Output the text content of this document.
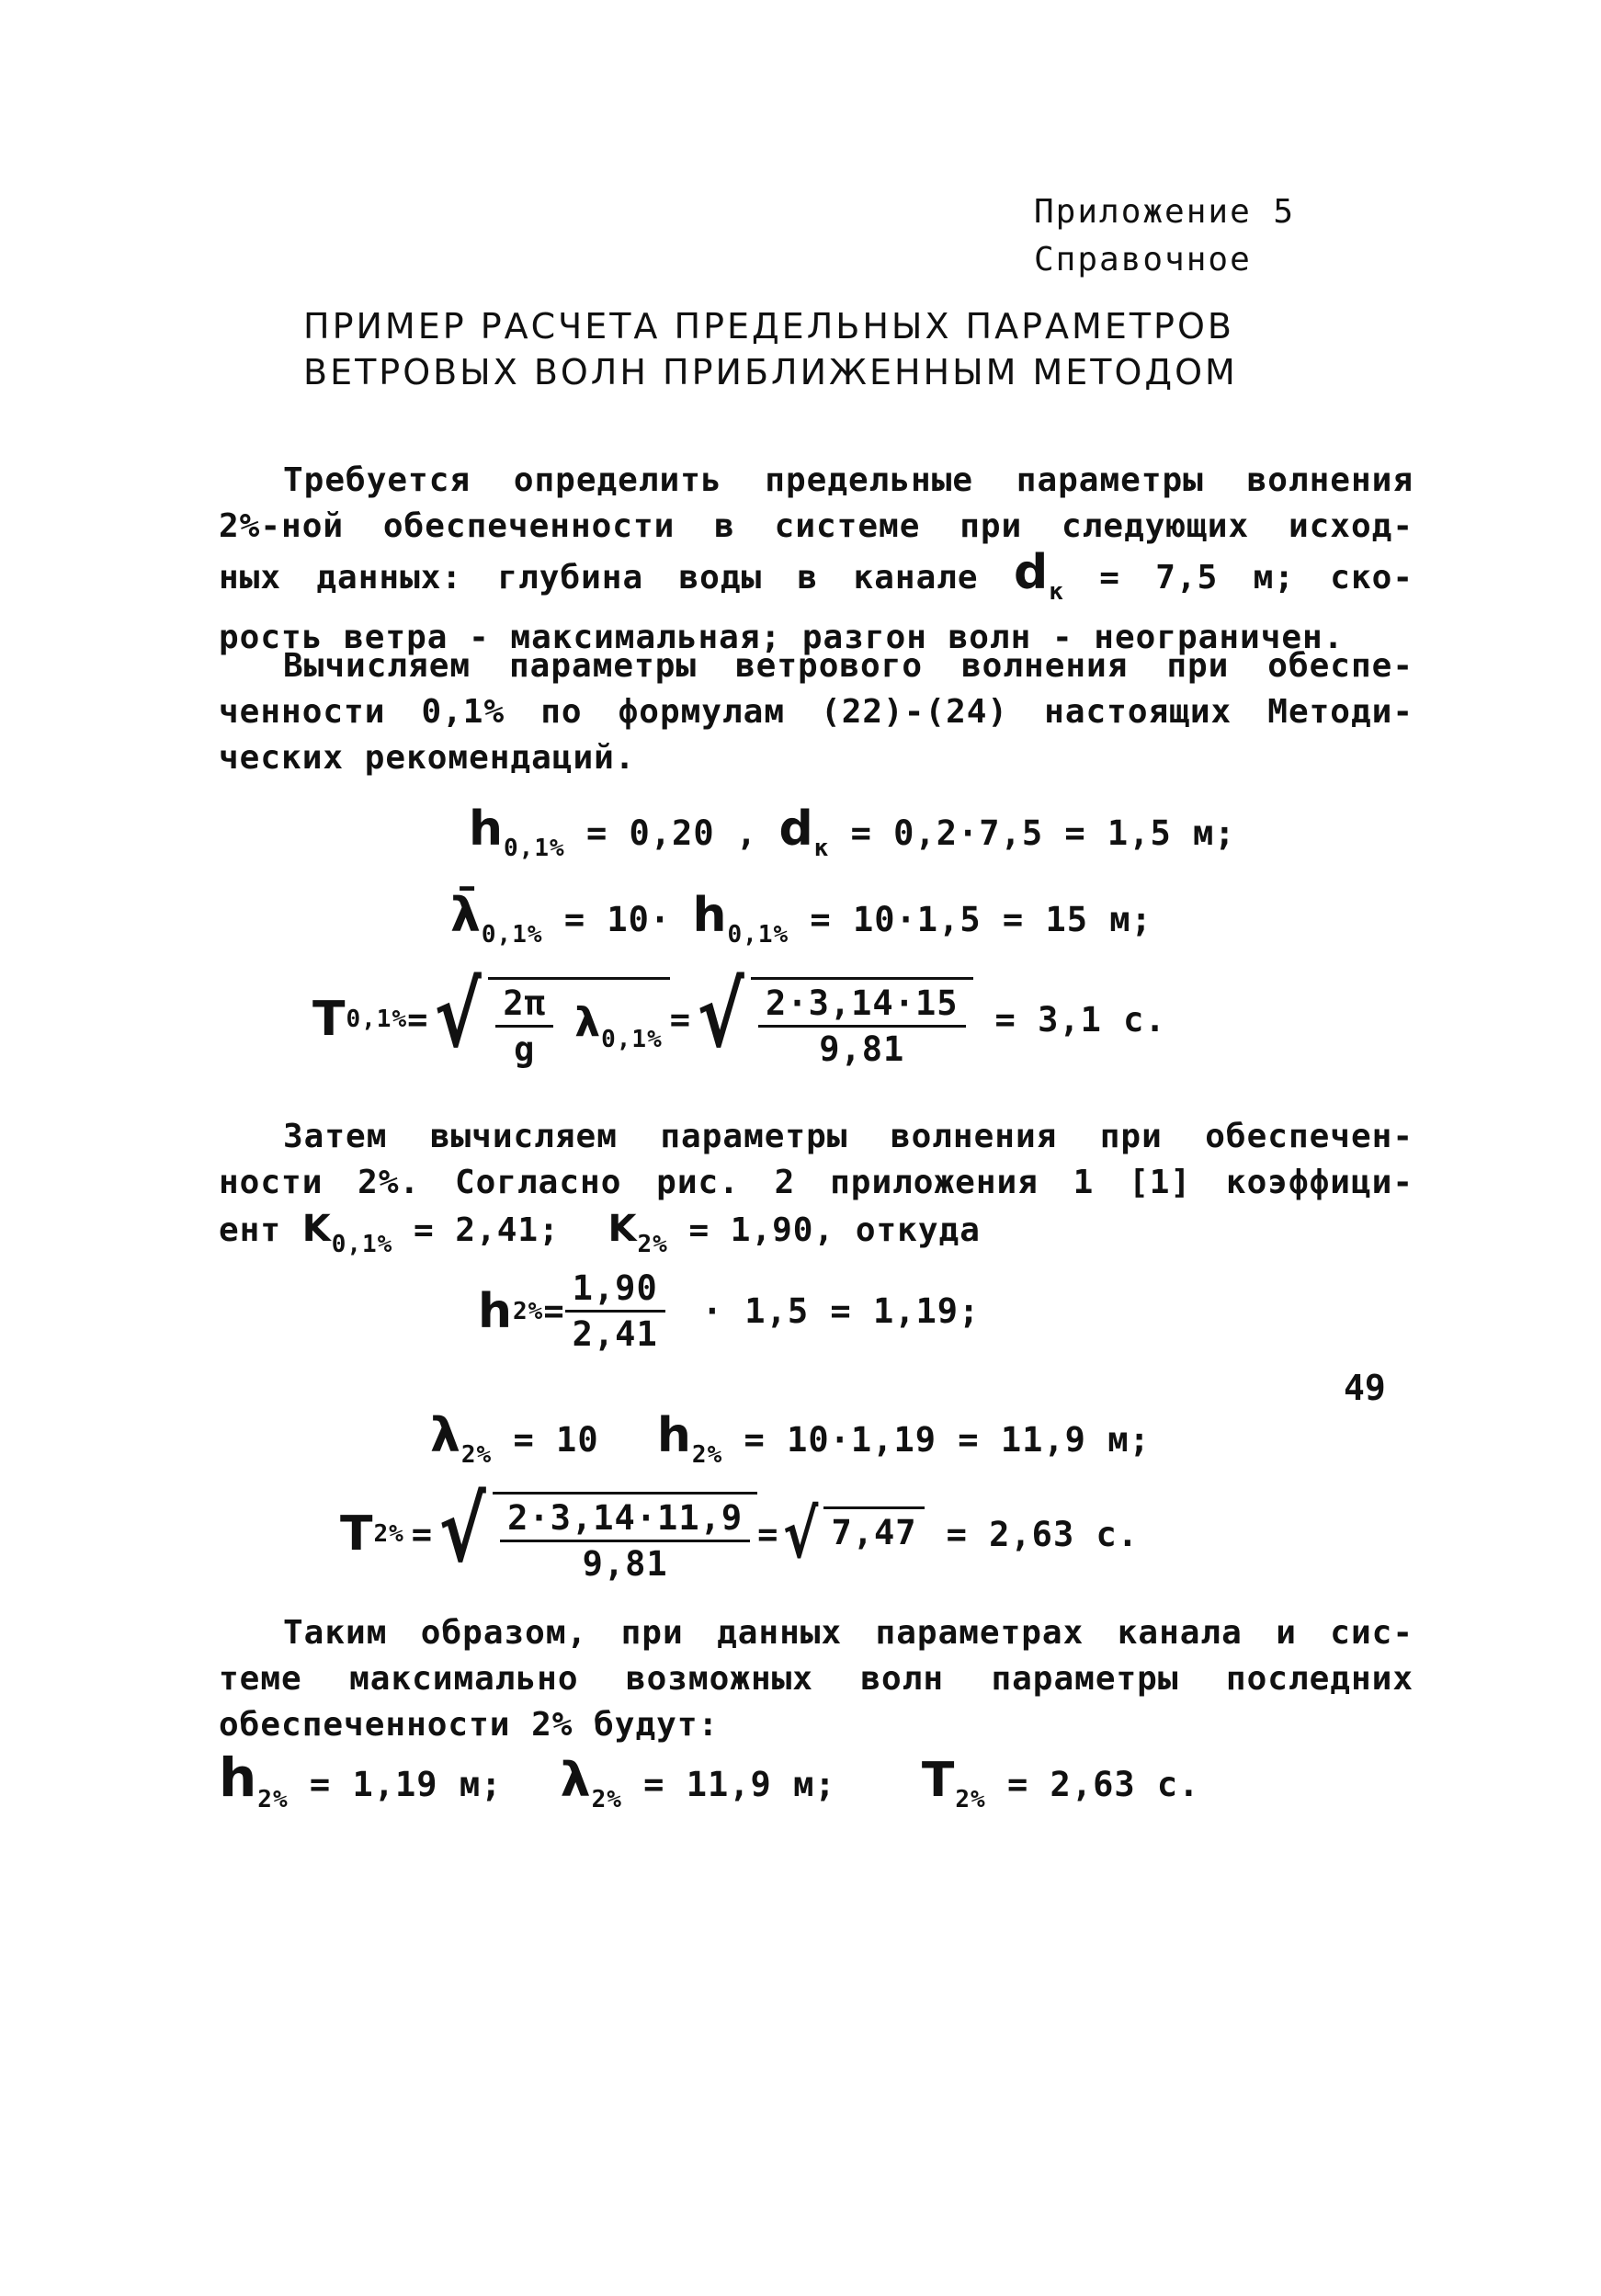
Приложение 5
Справочное
ПРИМЕР РАСЧЕТА ПРЕДЕЛЬНЫХ ПАРАМЕТРОВ
ВЕТРОВЫХ ВОЛН ПРИБЛИЖЕННЫМ МЕТОДОМ
Требуется определить предельные параметры волнения
2%-ной обеспеченности в системе при следующих исход-
ных данных: глубина воды в канале $d_к = 7,5$ м; ско-
рость ветра - максимальная; разгон волн - неограничен.
Вычисляем параметры ветрового волнения при обеспе-
ченности 0,1% по формулам (22)-(24) настоящих Методи-
ческих рекомендаций.
$h_{0,1\%} = 0,20$ , $d_к = 0,2\cdot 7,5 = 1,5$ м;
$\lambdā_{0,1\%} = 10\cdot h_{0,1\%} = 10\cdot 1,5 = 15$ м;
T 0,1% = √ $\frac{2\pi}{g} \lambda_{0,1\%}$
= √ $\frac{2\cdot 3,14\cdot 15}{9,81} = 3,1$ с.
Затем вычисляем параметры волнения при обеспечен-
ности 2%. Согласно рис. 2 приложения 1 [1] коэффици-
ент $K_{0,1\%} = 2,41$; $K_{2\%} = 1,90$, откуда
h $2\% = \frac{1,90}{2,41} \cdot 1,5 = 1,19$;
$\lambda_{2\%} = 10$ $h_{2\%} = 10\cdot 1,19 = 11,9$ м;
T 2% = √ $\frac{2\cdot 3,14\cdot 11,9}{9,81}$ = √ 7,47 = 2,63 с.
Таким образом, при данных параметрах канала и сис-
теме максимально возможных волн параметры последних
обеспеченности 2% будут:
$h_{2\%} = 1,19$ м; $\lambda_{2\%} = 11,9$ м; $T_{2\%} = 2,63$ с.
49
